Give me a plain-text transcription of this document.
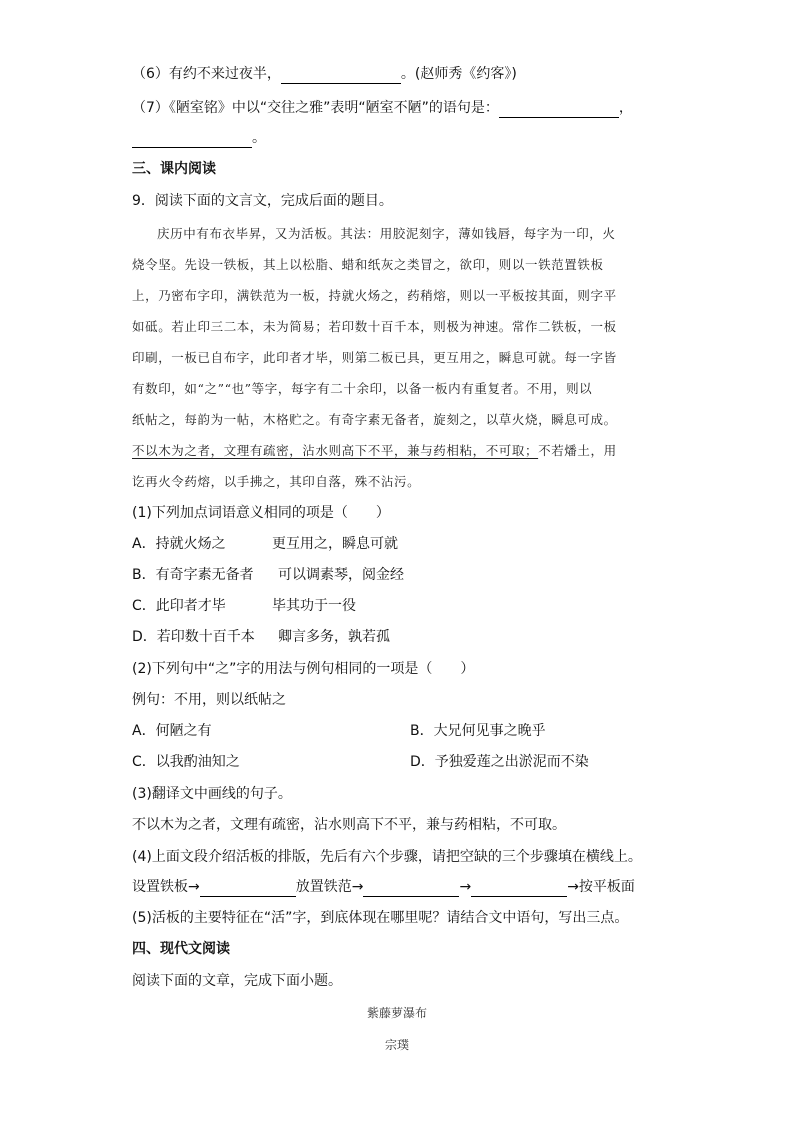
（6）有约不来过夜半，	。(赵师秀《约客》)
（7）《陋室铭》中以“交往之雅”表明“陋室不陋”的语句是：	，
。
三、课内阅读
9．阅读下面的文言文，完成后面的题目。
庆历中有布衣毕昇，又为活板。其法：用胶泥刻字，薄如钱唇，每字为一印，火
烧令坚。先设一铁板，其上以松脂、蜡和纸灰之类冒之，欲印，则以一铁范置铁板
上，乃密布字印，满铁范为一板，持就火炀之，药稍熔，则以一平板按其面，则字平
如砥。若止印三二本，未为简易；若印数十百千本，则极为神速。常作二铁板，一板
印刷，一板已自布字，此印者才毕，则第二板已具，更互用之，瞬息可就。每一字皆
有数印，如“之”“也”等字，每字有二十余印，以备一板内有重复者。不用，则以
纸帖之，每韵为一帖，木格贮之。有奇字素无备者，旋刻之，以草火烧，瞬息可成。
不以木为之者，文理有疏密，沾水则高下不平，兼与药相粘，不可取；不若燔土，用
讫再火令药熔，以手拂之，其印自落，殊不沾污。
(1)下列加点词语意义相同的项是（　　）
A．持就火炀之	更互用之，瞬息可就
B．有奇字素无备者 可以调素琴，阅金经
C．此印者才毕	毕其功于一役
D．若印数十百千本 卿言多务，孰若孤
(2)下列句中“之”字的用法与例句相同的一项是（　　）
例句：不用，则以纸帖之
A．何陋之有	B．大兄何见事之晚乎
C．以我酌油知之	D．予独爱莲之出淤泥而不染
(3)翻译文中画线的句子。
不以木为之者，文理有疏密，沾水则高下不平，兼与药相粘，不可取。
(4)上面文段介绍活板的排版，先后有六个步骤，请把空缺的三个步骤填在横线上。
设置铁板→	放置铁范→	→	→按平板面
(5)活板的主要特征在“活”字，到底体现在哪里呢？请结合文中语句，写出三点。
四、现代文阅读
阅读下面的文章，完成下面小题。
紫藤萝瀑布
宗璞
